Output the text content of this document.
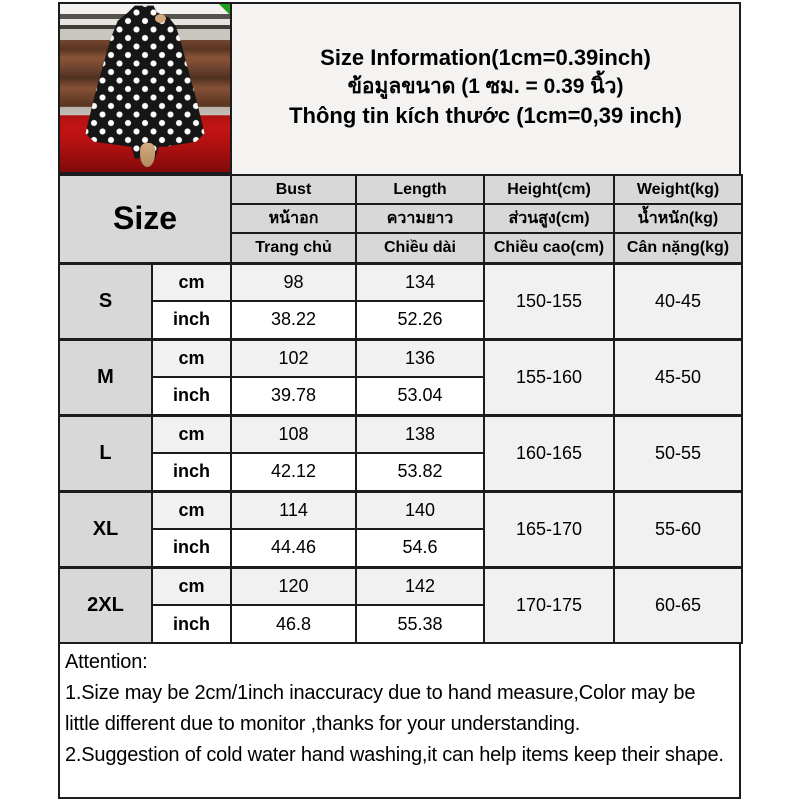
Size Information(1cm=0.39inch)
ข้อมูลขนาด (1 ซม. = 0.39 นิ้ว)
Thông tin kích thước (1cm=0,39 inch)
Size		Bust	Length	Height(cm)	Weight(kg)
		หน้าอก	ความยาว	ส่วนสูง(cm)	น้ำหนัก(kg)
		Trang chủ	Chiều dài	Chiều cao(cm)	Cân nặng(kg)
S	cm	98	134	150-155	40-45
	inch	38.22	52.26		
M	cm	102	136	155-160	45-50
	inch	39.78	53.04		
L	cm	108	138	160-165	50-55
	inch	42.12	53.82		
XL	cm	114	140	165-170	55-60
	inch	44.46	54.6		
2XL	cm	120	142	170-175	60-65
	inch	46.8	55.38		
Attention:
1.Size may be 2cm/1inch inaccuracy due to hand measure,Color may be little different due to monitor ,thanks for your understanding.
2.Suggestion of cold water hand washing,it can help items keep their shape.
